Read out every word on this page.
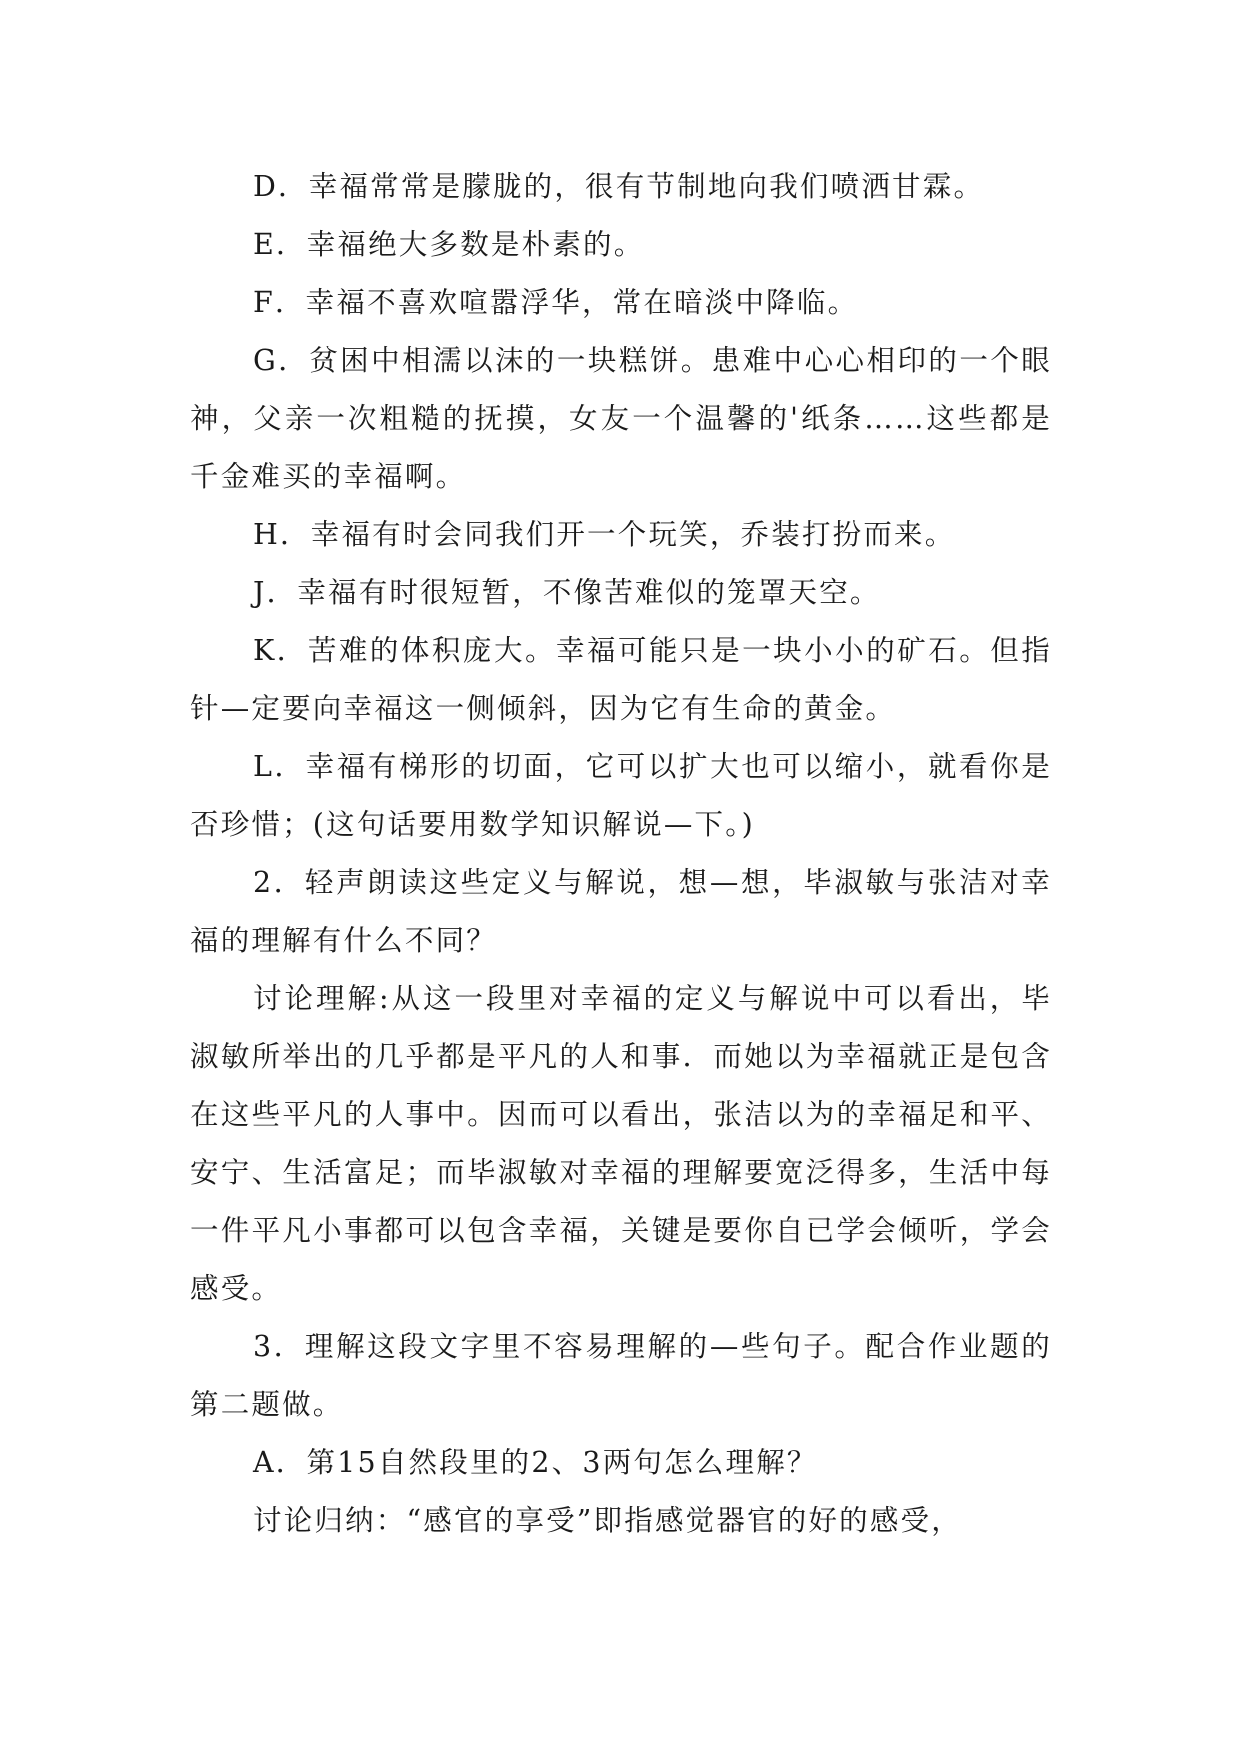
D．幸福常常是朦胧的，很有节制地向我们喷洒甘霖。

E．幸福绝大多数是朴素的。

F．幸福不喜欢喧嚣浮华，常在暗淡中降临。

G．贫困中相濡以沫的一块糕饼。患难中心心相印的一个眼神，父亲一次粗糙的抚摸，女友一个温馨的'纸条……这些都是千金难买的幸福啊。

H．幸福有时会同我们开一个玩笑，乔装打扮而来。

J．幸福有时很短暂，不像苦难似的笼罩天空。

K．苦难的体积庞大。幸福可能只是一块小小的矿石。但指针—定要向幸福这一侧倾斜，因为它有生命的黄金。

L．幸福有梯形的切面，它可以扩大也可以缩小，就看你是否珍惜；(这句话要用数学知识解说—下。)

2．轻声朗读这些定义与解说，想—想，毕淑敏与张洁对幸福的理解有什么不同？

讨论理解:从这一段里对幸福的定义与解说中可以看出，毕淑敏所举出的几乎都是平凡的人和事．而她以为幸福就正是包含在这些平凡的人事中。因而可以看出，张洁以为的幸福足和平、安宁、生活富足；而毕淑敏对幸福的理解要宽泛得多，生活中每一件平凡小事都可以包含幸福，关键是要你自已学会倾听，学会感受。

3．理解这段文字里不容易理解的—些句子。配合作业题的第二题做。

A．第15自然段里的2、3两句怎么理解？

讨论归纳：“感官的享受”即指感觉器官的好的感受，
